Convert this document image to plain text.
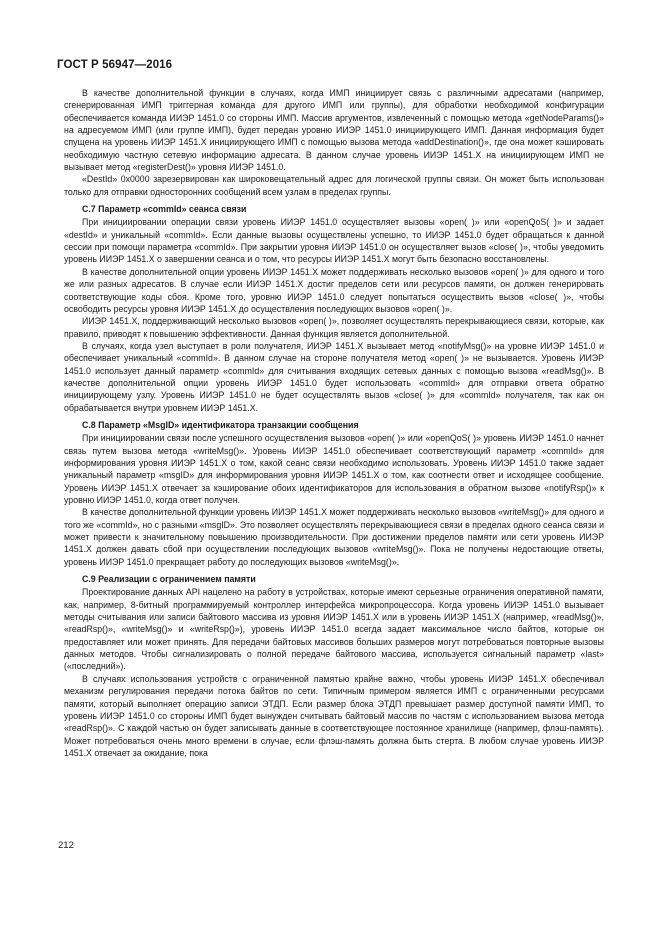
ГОСТ Р 56947—2016

В качестве дополнительной функции в случаях, когда ИМП инициирует связь с различными адресатами (например, сгенерированная ИМП триггерная команда для другого ИМП или группы), для обработки необходимой конфигурации обеспечивается команда ИИЭР 1451.0 со стороны ИМП. Массив аргументов, извлеченный с помощью метода «getNodeParams()» на адресуемом ИМП (или группе ИМП), будет передан уровню ИИЭР 1451.0 инициирующего ИМП. Данная информация будет спущена на уровень ИИЭР 1451.X инициирующего ИМП с помощью вызова метода «addDestination()», где она может кэшировать необходимую частную сетевую информацию адресата. В данном случае уровень ИИЭР 1451.X на инициирующем ИМП не вызывает метод «registerDest()» уровня ИИЭР 1451.0.

«DestId» 0x0000 зарезервирован как широковещательный адрес для логической группы связи. Он может быть использован только для отправки односторонних сообщений всем узлам в пределах группы.

C.7 Параметр «commId» сеанса связи

При инициировании операции связи уровень ИИЭР 1451.0 осуществляет вызовы «open( )» или «openQoS( )» и задает «destId» и уникальный «commId». Если данные вызовы осуществлены успешно, то ИИЭР 1451.0 будет обращаться к данной сессии при помощи параметра «commId». При закрытии уровня ИИЭР 1451.0 он осуществляет вызов «close( )», чтобы уведомить уровень ИИЭР 1451.X о завершении сеанса и о том, что ресурсы ИИЭР 1451.X могут быть безопасно восстановлены.

В качестве дополнительной опции уровень ИИЭР 1451.X может поддерживать несколько вызовов «open( )» для одного и того же или разных адресатов. В случае если ИИЭР 1451.X достиг пределов сети или ресурсов памяти, он должен генерировать соответствующие коды сбоя. Кроме того, уровню ИИЭР 1451.0 следует попытаться осуществить вызов «close( )», чтобы освободить ресурсы уровня ИИЭР 1451.X до осуществления последующих вызовов «open( )».

ИИЭР 1451.X, поддерживающий несколько вызовов «open( )», позволяет осуществлять перекрывающиеся связи, которые, как правило, приводят к повышению эффективности. Данная функция является дополнительной.

В случаях, когда узел выступает в роли получателя, ИИЭР 1451.X вызывает метод «notifyMsg()» на уровне ИИЭР 1451.0 и обеспечивает уникальный «commId». В данном случае на стороне получателя метод «open( )» не вызывается. Уровень ИИЭР 1451.0 использует данный параметр «commId» для считывания входящих сетевых данных с помощью вызова «readMsg()». В качестве дополнительной опции уровень ИИЭР 1451.0 будет использовать «commId» для отправки ответа обратно инициирующему узлу. Уровень ИИЭР 1451.0 не будет осуществлять вызов «close( )» для «commId» получателя, так как он обрабатывается внутри уровнем ИИЭР 1451.X.

C.8 Параметр «MsgID» идентификатора транзакции сообщения

При инициировании связи после успешного осуществления вызовов «open( )» или «openQoS( )» уровень ИИЭР 1451.0 начнет связь путем вызова метода «writeMsg()». Уровень ИИЭР 1451.0 обеспечивает соответствующий параметр «commId» для информирования уровня ИИЭР 1451.X о том, какой сеанс связи необходимо использовать. Уровень ИИЭР 1451.0 также задает уникальный параметр «msgID» для информирования уровня ИИЭР 1451.X о том, как соотнести ответ и исходящее сообщение. Уровень ИИЭР 1451.X отвечает за кэширование обоих идентификаторов для использования в обратном вызове «notifyRsp()» к уровню ИИЭР 1451.0, когда ответ получен.

В качестве дополнительной функции уровень ИИЭР 1451.X может поддерживать несколько вызовов «writeMsg()» для одного и того же «commId», но с разными «msgID». Это позволяет осуществлять перекрывающиеся связи в пределах одного сеанса связи и может привести к значительному повышению производительности. При достижении пределов памяти или сети уровень ИИЭР 1451.X должен давать сбой при осуществлении последующих вызовов «writeMsg()». Пока не получены недостающие ответы, уровень ИИЭР 1451.0 прекращает работу до последующих вызовов «writeMsg()».

C.9 Реализации с ограничением памяти

Проектирование данных API нацелено на работу в устройствах, которые имеют серьезные ограничения оперативной памяти, как, например, 8-битный программируемый контроллер интерфейса микропроцессора. Когда уровень ИИЭР 1451.0 вызывает методы считывания или записи байтового массива из уровня ИИЭР 1451.X или в уровень ИИЭР 1451.X (например, «readMsg()», «readRsp()», «writeMsg()» и «writeRsp()»), уровень ИИЭР 1451.0 всегда задает максимальное число байтов, которые он предоставляет или может принять. Для передачи байтовых массивов больших размеров могут потребоваться повторные вызовы данных методов. Чтобы сигнализировать о полной передаче байтового массива, используется сигнальный параметр «last» («последний»).

В случаях использования устройств с ограниченной памятью крайне важно, чтобы уровень ИИЭР 1451.X обеспечивал механизм регулирования передачи потока байтов по сети. Типичным примером является ИМП с ограниченными ресурсами памяти, который выполняет операцию записи ЭТДП. Если размер блока ЭТДП превышает размер доступной памяти ИМП, то уровень ИИЭР 1451.0 со стороны ИМП будет вынужден считывать байтовый массив по частям с использованием вызова метода «readRsp()». С каждой частью он будет записывать данные в соответствующее постоянное хранилище (например, флэш-память). Может потребоваться очень много времени в случае, если флэш-память должна быть стерта. В любом случае уровень ИИЭР 1451.X отвечает за ожидание, пока

212
